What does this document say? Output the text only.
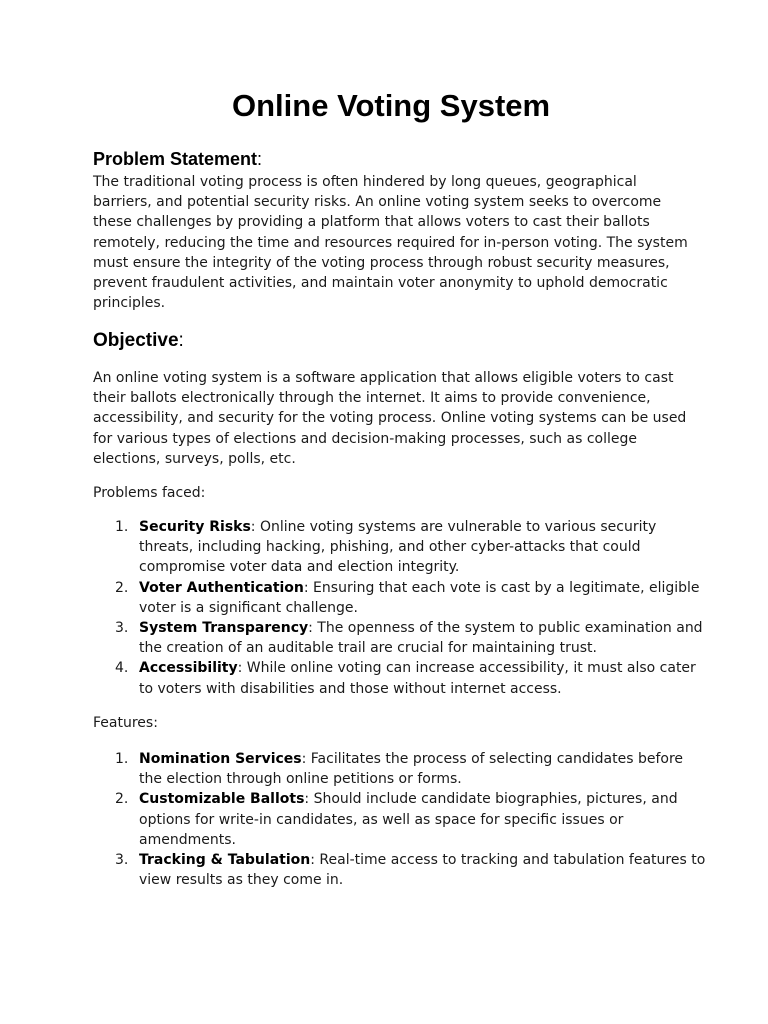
Online Voting System
Problem Statement:

The traditional voting process is often hindered by long queues, geographical
barriers, and potential security risks. An online voting system seeks to overcome
these challenges by providing a platform that allows voters to cast their ballots
remotely, reducing the time and resources required for in-person voting. The system
must ensure the integrity of the voting process through robust security measures,
prevent fraudulent activities, and maintain voter anonymity to uphold democratic
principles.

Objective:

An online voting system is a software application that allows eligible voters to cast
their ballots electronically through the internet. It aims to provide convenience,
accessibility, and security for the voting process. Online voting systems can be used
for various types of elections and decision-making processes, such as college
elections, surveys, polls, etc.

Problems faced:

1. Security Risks: Online voting systems are vulnerable to various security
threats, including hacking, phishing, and other cyber-attacks that could
compromise voter data and election integrity.
2. Voter Authentication: Ensuring that each vote is cast by a legitimate, eligible
voter is a significant challenge.
3. System Transparency: The openness of the system to public examination and
the creation of an auditable trail are crucial for maintaining trust.
4. Accessibility: While online voting can increase accessibility, it must also cater
to voters with disabilities and those without internet access.

Features:

1. Nomination Services: Facilitates the process of selecting candidates before
the election through online petitions or forms.
2. Customizable Ballots: Should include candidate biographies, pictures, and
options for write-in candidates, as well as space for specific issues or
amendments.
3. Tracking & Tabulation: Real-time access to tracking and tabulation features to
view results as they come in.
